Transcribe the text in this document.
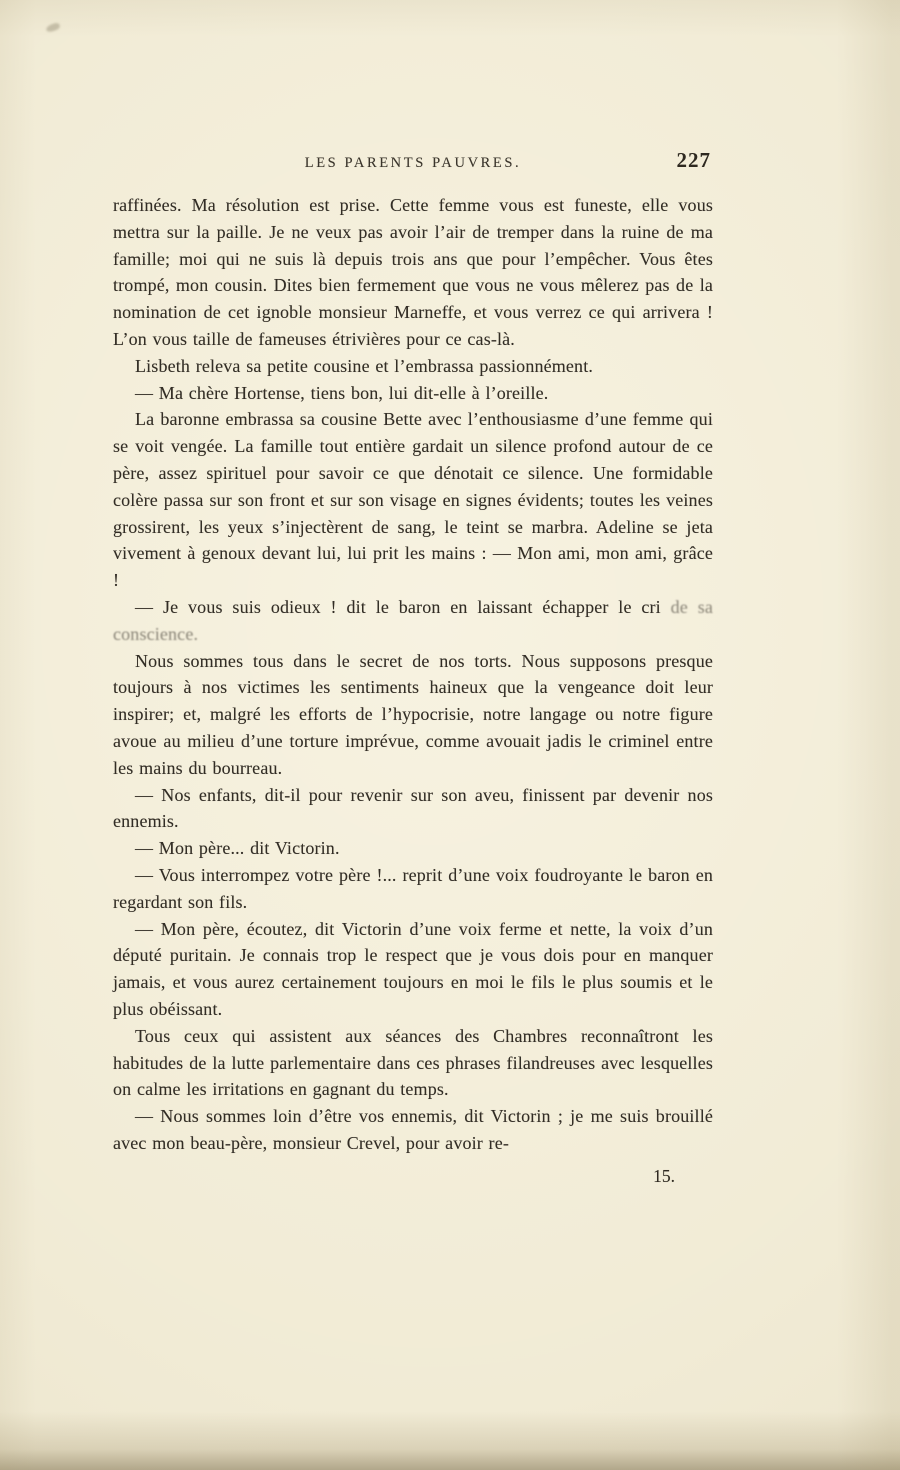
LES PARENTS PAUVRES.	227

raffinées. Ma résolution est prise. Cette femme vous est funeste, elle vous mettra sur la paille. Je ne veux pas avoir l’air de tremper dans la ruine de ma famille; moi qui ne suis là depuis trois ans que pour l’empêcher. Vous êtes trompé, mon cousin. Dites bien fermement que vous ne vous mêlerez pas de la nomination de cet ignoble monsieur Marneffe, et vous verrez ce qui arrivera ! L’on vous taille de fameuses étrivières pour ce cas-là.

Lisbeth releva sa petite cousine et l’embrassa passionnément.

— Ma chère Hortense, tiens bon, lui dit-elle à l’oreille.

La baronne embrassa sa cousine Bette avec l’enthousiasme d’une femme qui se voit vengée. La famille tout entière gardait un silence profond autour de ce père, assez spirituel pour savoir ce que dénotait ce silence. Une formidable colère passa sur son front et sur son visage en signes évidents; toutes les veines grossirent, les yeux s’injectèrent de sang, le teint se marbra. Adeline se jeta vivement à genoux devant lui, lui prit les mains : — Mon ami, mon ami, grâce !

— Je vous suis odieux ! dit le baron en laissant échapper le cri de sa conscience.

Nous sommes tous dans le secret de nos torts. Nous supposons presque toujours à nos victimes les sentiments haineux que la vengeance doit leur inspirer; et, malgré les efforts de l’hypocrisie, notre langage ou notre figure avoue au milieu d’une torture imprévue, comme avouait jadis le criminel entre les mains du bourreau.

— Nos enfants, dit-il pour revenir sur son aveu, finissent par devenir nos ennemis.

— Mon père... dit Victorin.

— Vous interrompez votre père !... reprit d’une voix foudroyante le baron en regardant son fils.

— Mon père, écoutez, dit Victorin d’une voix ferme et nette, la voix d’un député puritain. Je connais trop le respect que je vous dois pour en manquer jamais, et vous aurez certainement toujours en moi le fils le plus soumis et le plus obéissant.

Tous ceux qui assistent aux séances des Chambres reconnaîtront les habitudes de la lutte parlementaire dans ces phrases filandreuses avec lesquelles on calme les irritations en gagnant du temps.

— Nous sommes loin d’être vos ennemis, dit Victorin ; je me suis brouillé avec mon beau-père, monsieur Crevel, pour avoir re-

15.
